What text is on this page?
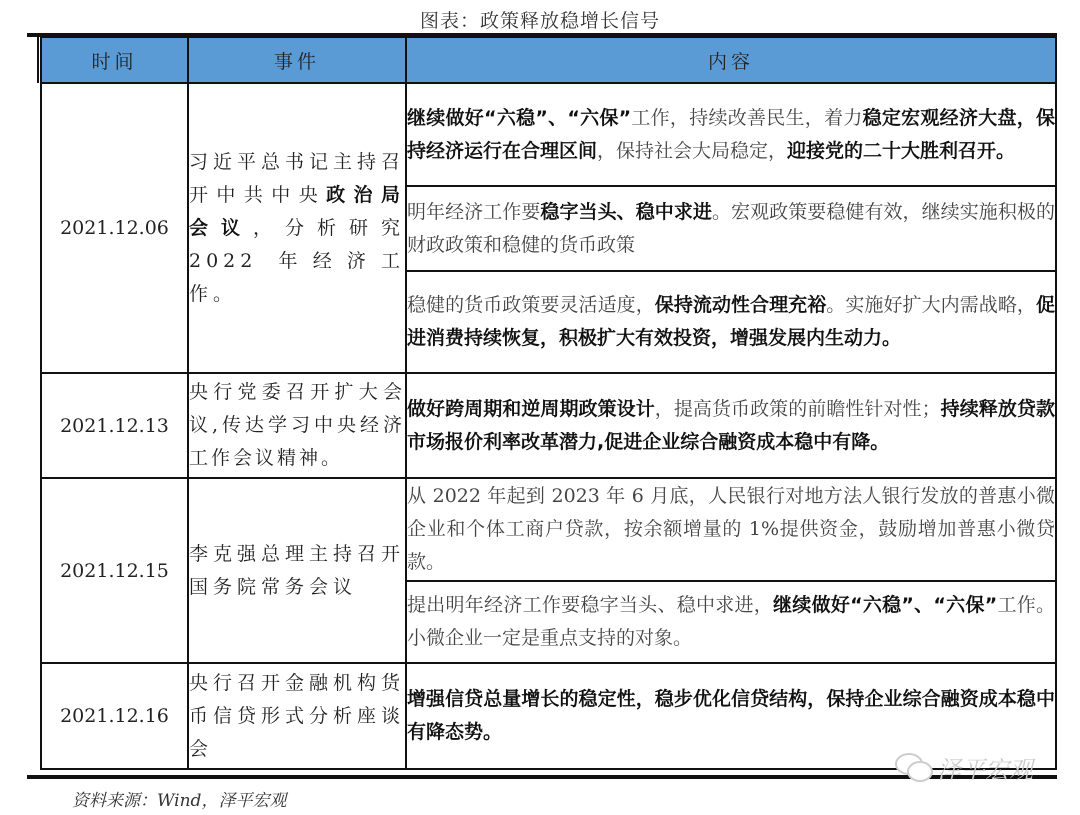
图表：政策释放稳增长信号
时间	事件	内容
2021.12.06	习近平总书记主持召开中共中央政治局会议，分析研究2022 年经济工作。	继续做好“六稳”、“六保”工作，持续改善民生，着力稳定宏观经济大盘，保持经济运行在合理区间，保持社会大局稳定，迎接党的二十大胜利召开。
		明年经济工作要稳字当头、稳中求进。宏观政策要稳健有效，继续实施积极的财政政策和稳健的货币政策
		稳健的货币政策要灵活适度，保持流动性合理充裕。实施好扩大内需战略，促进消费持续恢复，积极扩大有效投资，增强发展内生动力。
2021.12.13	央行党委召开扩大会议,传达学习中央经济工作会议精神。	做好跨周期和逆周期政策设计，提高货币政策的前瞻性针对性；持续释放贷款市场报价利率改革潜力,促进企业综合融资成本稳中有降。
2021.12.15	李克强总理主持召开国务院常务会议	从 2022 年起到 2023 年 6 月底，人民银行对地方法人银行发放的普惠小微企业和个体工商户贷款，按余额增量的 1%提供资金，鼓励增加普惠小微贷款。
		提出明年经济工作要稳字当头、稳中求进，继续做好“六稳”、“六保”工作。小微企业一定是重点支持的对象。
2021.12.16	央行召开金融机构货币信贷形式分析座谈会	增强信贷总量增长的稳定性，稳步优化信贷结构，保持企业综合融资成本稳中有降态势。
泽平宏观
资料来源：Wind，泽平宏观
